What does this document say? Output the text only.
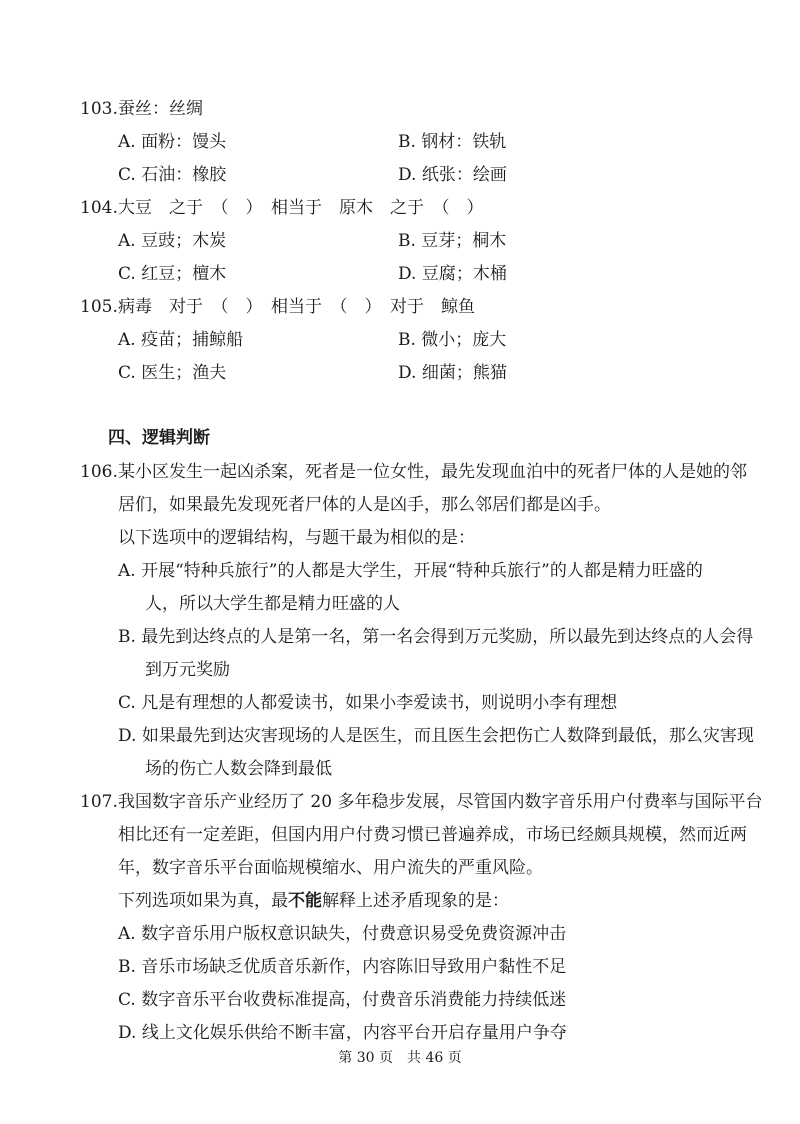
103. 蚕丝：丝绸
A. 面粉：馒头	B. 钢材：铁轨
C. 石油：橡胶	D. 纸张：绘画
104. 大豆　之于　（　）　相当于　原木　之于　（　）
A. 豆豉；木炭	B. 豆芽；桐木
C. 红豆；檀木	D. 豆腐；木桶
105. 病毒　对于　（　）　相当于　（　）　对于　鲸鱼
A. 疫苗；捕鲸船	B. 微小；庞大
C. 医生；渔夫	D. 细菌；熊猫
四、逻辑判断
106. 某小区发生一起凶杀案，死者是一位女性，最先发现血泊中的死者尸体的人是她的邻
居们，如果最先发现死者尸体的人是凶手，那么邻居们都是凶手。
以下选项中的逻辑结构，与题干最为相似的是：
A. 开展“特种兵旅行”的人都是大学生，开展“特种兵旅行”的人都是精力旺盛的
人，所以大学生都是精力旺盛的人
B. 最先到达终点的人是第一名，第一名会得到万元奖励，所以最先到达终点的人会得
到万元奖励
C. 凡是有理想的人都爱读书，如果小李爱读书，则说明小李有理想
D. 如果最先到达灾害现场的人是医生，而且医生会把伤亡人数降到最低，那么灾害现
场的伤亡人数会降到最低
107. 我国数字音乐产业经历了 20 多年稳步发展，尽管国内数字音乐用户付费率与国际平台
相比还有一定差距，但国内用户付费习惯已普遍养成，市场已经颇具规模，然而近两
年，数字音乐平台面临规模缩水、用户流失的严重风险。
下列选项如果为真，最不能解释上述矛盾现象的是：
A. 数字音乐用户版权意识缺失，付费意识易受免费资源冲击
B. 音乐市场缺乏优质音乐新作，内容陈旧导致用户黏性不足
C. 数字音乐平台收费标准提高，付费音乐消费能力持续低迷
D. 线上文化娱乐供给不断丰富，内容平台开启存量用户争夺
第 30 页　共 46 页
